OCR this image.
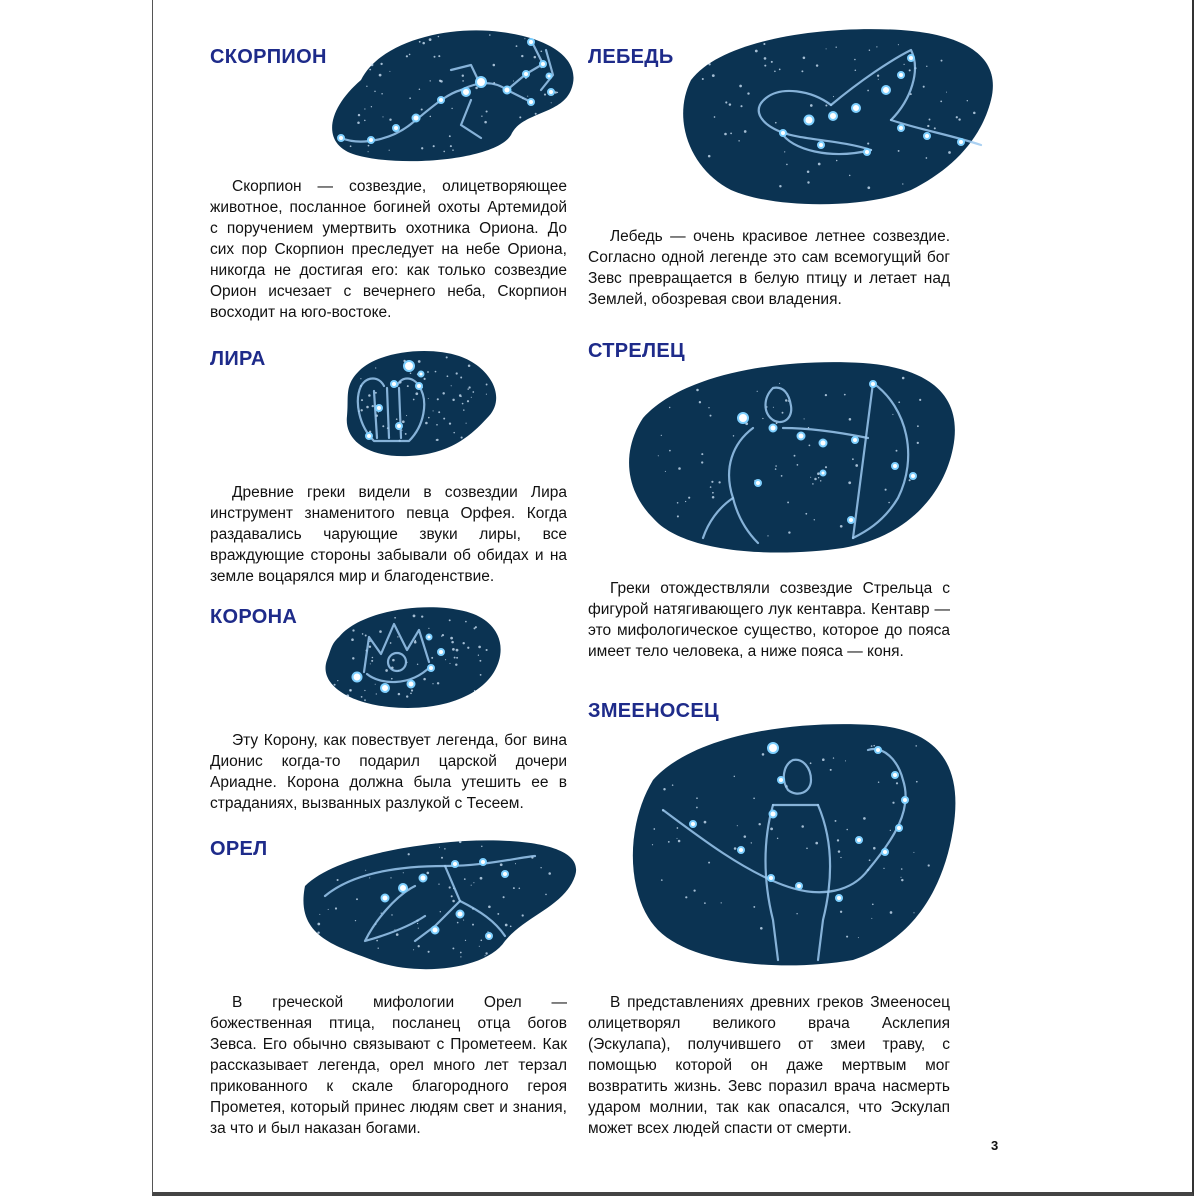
СКОРПИОН

Скорпион — созвездие, олицетворяющее животное, посланное богиней охоты Артемидой с поручением умертвить охотника Ориона. До сих пор Скорпион преследует на небе Ориона, никогда не достигая его: как только созвездие Орион исчезает с вечернего неба, Скорпион восходит на юго-востоке.

ЛИРА

Древние греки видели в созвездии Лира инструмент знаменитого певца Орфея. Когда раздавались чарующие звуки лиры, все враждующие стороны забывали об обидах и на земле воцарялся мир и благоденствие.

КОРОНА

Эту Корону, как повествует легенда, бог вина Дионис когда-то подарил царской дочери Ариадне. Корона должна была утешить ее в страданиях, вызванных разлукой с Тесеем.

ОРЕЛ

В греческой мифологии Орел — божественная птица, посланец отца богов Зевса. Его обычно связывают с Прометеем. Как рассказывает легенда, орел много лет терзал прикованного к скале благородного героя Прометея, который принес людям свет и знания, за что и был наказан богами.

ЛЕБЕДЬ

Лебедь — очень красивое летнее созвездие. Согласно одной легенде это сам всемогущий бог Зевс превращается в белую птицу и летает над Землей, обозревая свои владения.

СТРЕЛЕЦ

Греки отождествляли созвездие Стрельца с фигурой натягивающего лук кентавра. Кентавр — это мифологическое существо, которое до пояса имеет тело человека, а ниже пояса — коня.

ЗМЕЕНОСЕЦ

В представлениях древних греков Змееносец олицетворял великого врача Асклепия (Эскулапа), получившего от змеи траву, с помощью которой он даже мертвым мог возвратить жизнь. Зевс поразил врача насмерть ударом молнии, так как опасался, что Эскулап может всех людей спасти от смерти.

3
